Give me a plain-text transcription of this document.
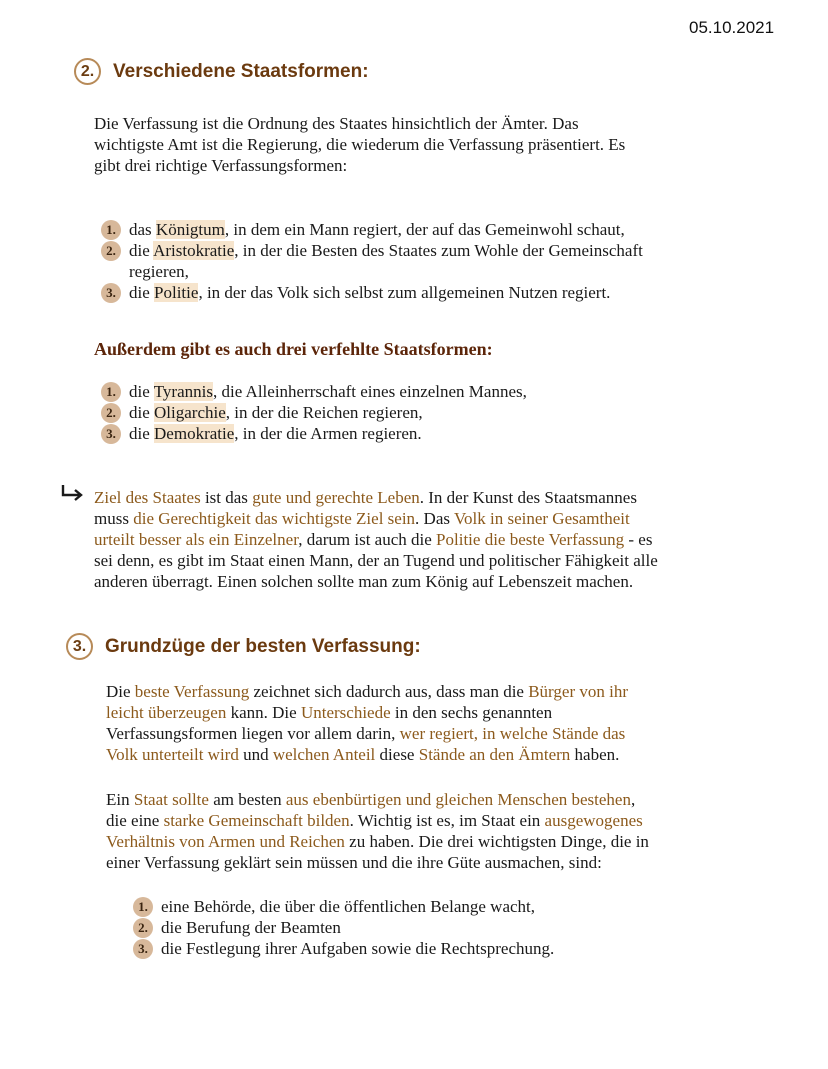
05.10.2021
2. Verschiedene Staatsformen:
Die Verfassung ist die Ordnung des Staates hinsichtlich der Ämter. Das
wichtigste Amt ist die Regierung, die wiederum die Verfassung präsentiert. Es
gibt drei richtige Verfassungsformen:
1. das Königtum, in dem ein Mann regiert, der auf das Gemeinwohl schaut,
2. die Aristokratie, in der die Besten des Staates zum Wohle der Gemeinschaft
regieren,
3. die Politie, in der das Volk sich selbst zum allgemeinen Nutzen regiert.
Außerdem gibt es auch drei verfehlte Staatsformen:
1. die Tyrannis, die Alleinherrschaft eines einzelnen Mannes,
2. die Oligarchie, in der die Reichen regieren,
3. die Demokratie, in der die Armen regieren.
Ziel des Staates ist das gute und gerechte Leben. In der Kunst des Staatsmannes
muss die Gerechtigkeit das wichtigste Ziel sein. Das Volk in seiner Gesamtheit
urteilt besser als ein Einzelner, darum ist auch die Politie die beste Verfassung - es
sei denn, es gibt im Staat einen Mann, der an Tugend und politischer Fähigkeit alle
anderen überragt. Einen solchen sollte man zum König auf Lebenszeit machen.
3. Grundzüge der besten Verfassung:
Die beste Verfassung zeichnet sich dadurch aus, dass man die Bürger von ihr
leicht überzeugen kann. Die Unterschiede in den sechs genannten
Verfassungsformen liegen vor allem darin, wer regiert, in welche Stände das
Volk unterteilt wird und welchen Anteil diese Stände an den Ämtern haben.
Ein Staat sollte am besten aus ebenbürtigen und gleichen Menschen bestehen,
die eine starke Gemeinschaft bilden. Wichtig ist es, im Staat ein ausgewogenes
Verhältnis von Armen und Reichen zu haben. Die drei wichtigsten Dinge, die in
einer Verfassung geklärt sein müssen und die ihre Güte ausmachen, sind:
1. eine Behörde, die über die öffentlichen Belange wacht,
2. die Berufung der Beamten
3. die Festlegung ihrer Aufgaben sowie die Rechtsprechung.
